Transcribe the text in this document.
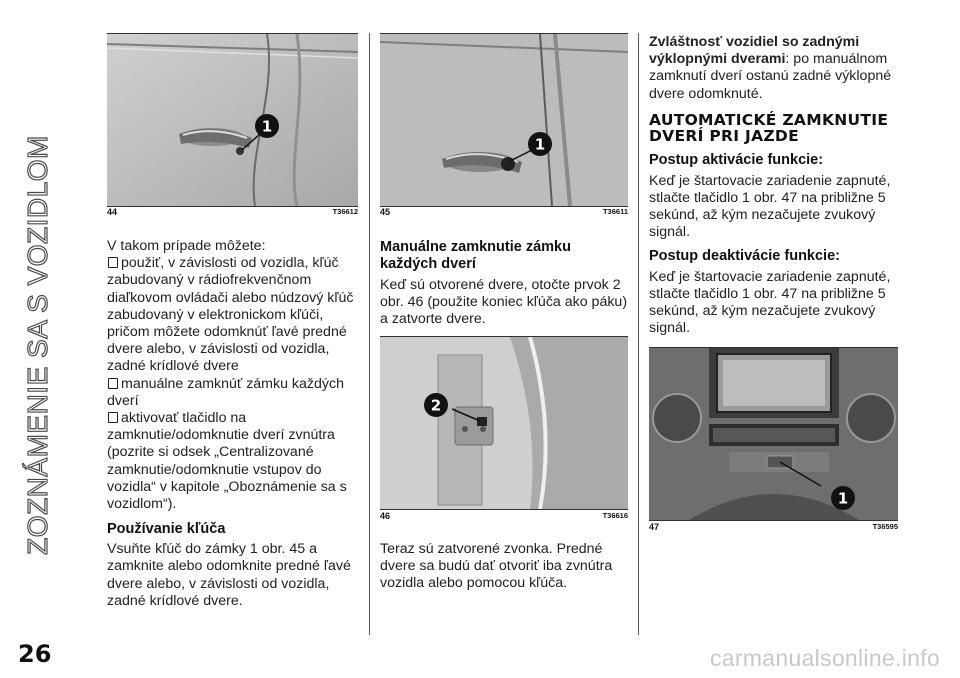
ZOZNÁMENIE SA S VOZIDLOM
26	carmanualsonline.info
1
44	T36612
1
45	T36611
2
46	T36616
1
47	T36595

V takom prípade môžete:

použiť, v závislosti od vozidla, kľúč zabudovaný v rádiofrekvenčnom diaľkovom ovládači alebo núdzový kľúč zabudovaný v elektronickom kľúči, pričom môžete odomknúť ľavé predné dvere alebo, v závislosti od vozidla, zadné krídlové dvere

manuálne zamknúť zámku každých dverí

aktivovať tlačidlo na zamknutie/odomknutie dverí zvnútra (pozrite si odsek „Centralizované zamknutie/odomknutie vstupov do vozidla“ v kapitole „Oboznámenie sa s vozidlom“).

Používanie kľúča

Vsuňte kľúč do zámky 1 obr. 45 a zamknite alebo odomknite predné ľavé dvere alebo, v závislosti od vozidla, zadné krídlové dvere.

Manuálne zamknutie zámku každých dverí

Keď sú otvorené dvere, otočte prvok 2 obr. 46 (použite koniec kľúča ako páku) a zatvorte dvere.

Teraz sú zatvorené zvonka. Predné dvere sa budú dať otvoriť iba zvnútra vozidla alebo pomocou kľúča.

Zvláštnosť vozidiel so zadnými výklopnými dverami: po manuálnom zamknutí dverí ostanú zadné výklopné dvere odomknuté.

AUTOMATICKÉ ZAMKNUTIE DVERÍ PRI JAZDE
Postup aktivácie funkcie:

Keď je štartovacie zariadenie zapnuté, stlačte tlačidlo 1 obr. 47 na približne 5 sekúnd, až kým nezačujete zvukový signál.

Postup deaktivácie funkcie:

Keď je štartovacie zariadenie zapnuté, stlačte tlačidlo 1 obr. 47 na približne 5 sekúnd, až kým nezačujete zvukový signál.
